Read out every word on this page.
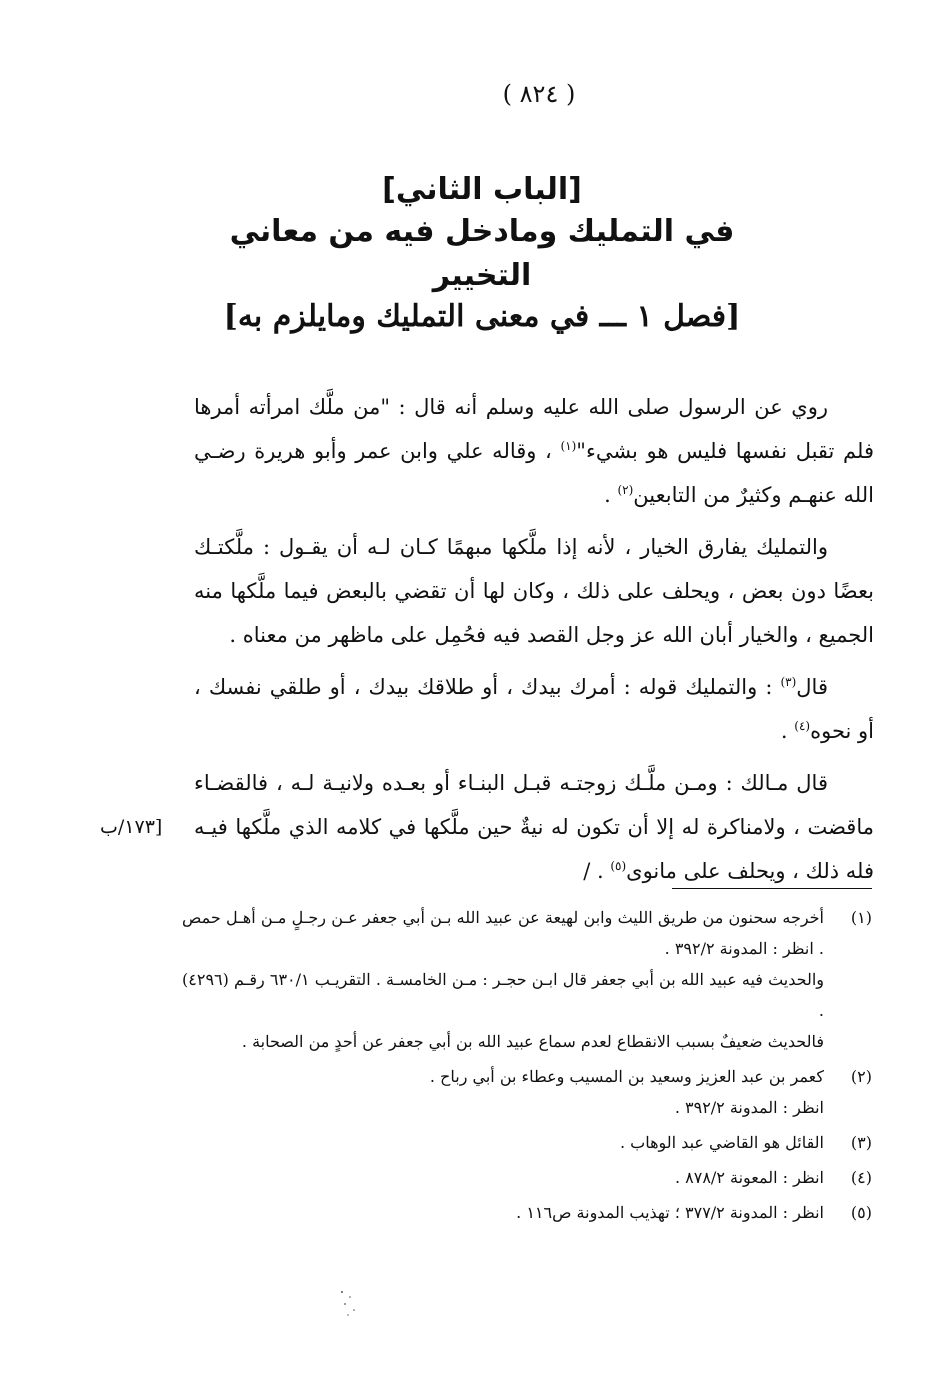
( ٨٢٤ )
[الباب الثاني]
في التمليك ومادخل فيه من معاني التخيير
[فصل ١ ـــ في معنى التمليك ومايلزم به]

روي عن الرسول صلى الله عليه وسلم أنه قال : "من ملَّك امرأته أمرها فلم تقبل نفسها فليس هو بشيء"$^{(١)}$ ، وقاله علي وابن عمر وأبو هريرة رضـي الله عنهـم وكثيرٌ من التابعين$^{(٢)}$ .

والتمليك يفارق الخيار ، لأنه إذا ملَّكها مبهمًا كـان لـه أن يقـول : ملَّكتـك بعضًا دون بعض ، ويحلف على ذلك ، وكان لها أن تقضي بالبعض فيما ملَّكها منه الجميع ، والخيار أبان الله عز وجل القصد فيه فحُمِل على ماظهر من معناه .

قال$^{(٣)}$ : والتمليك قوله : أمرك بيدك ، أو طلاقك بيدك ، أو طلقي نفسك ، أو نحوه$^{(٤)}$ .

قال مـالك : ومـن ملَّـك زوجتـه قبـل البنـاء أو بعـده ولانيـة لـه ، فالقضـاء ماقضت ، ولامناكرة له إلا أن تكون له نيةٌ حين ملَّكها في كلامه الذي ملَّكها فيـه فله ذلك ، ويحلف على مانوى$^{(٥)}$ . /

[١٧٣/ب
(١)
أخرجه سحنون من طريق الليث وابن لهيعة عن عبيد الله بـن أبي جعفر عـن رجـلٍ مـن أهـل حمص . انظر : المدونة ٣٩٢/٢ .
والحديث فيه عبيد الله بن أبي جعفر قال ابـن حجـر : مـن الخامسـة . التقريـب ٦٣٠/١ رقـم (٤٢٩٦) .
فالحديث ضعيفٌ بسبب الانقطاع لعدم سماع عبيد الله بن أبي جعفر عن أحدٍ من الصحابة .
(٢)
كعمر بن عبد العزيز وسعيد بن المسيب وعطاء بن أبي رباح .
انظر : المدونة ٣٩٢/٢ .
(٣)
القائل هو القاضي عبد الوهاب .
(٤)
انظر : المعونة ٨٧٨/٢ .
(٥)
انظر : المدونة ٣٧٧/٢ ؛ تهذيب المدونة ص١١٦ .
